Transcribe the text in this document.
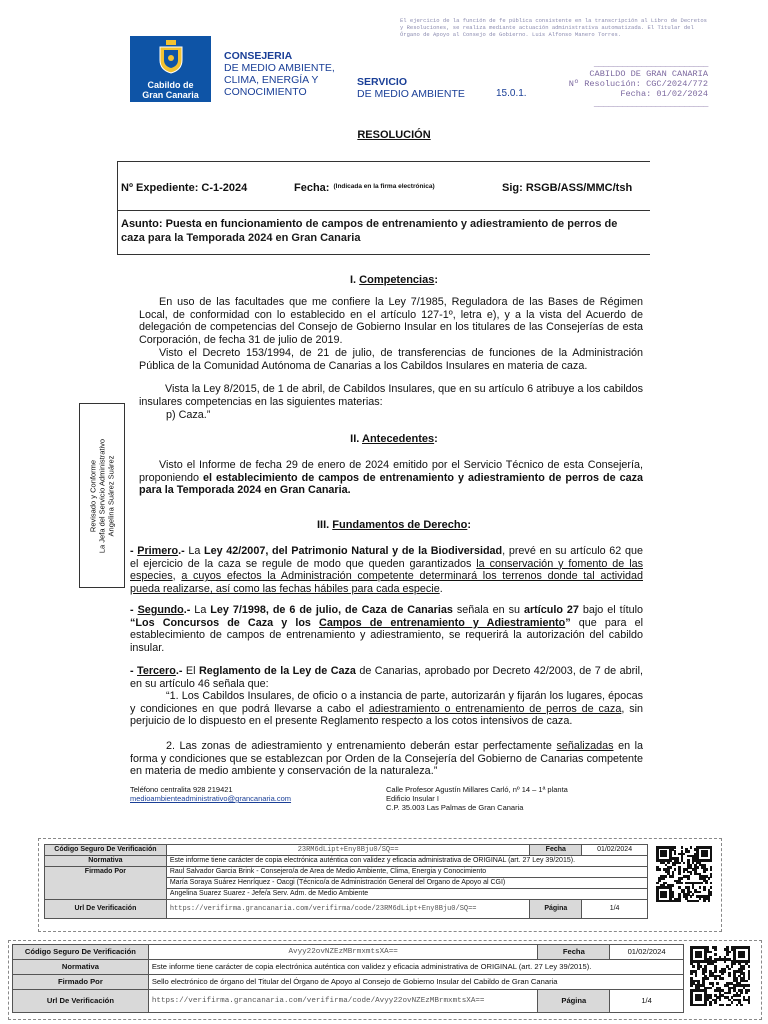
El ejercicio de la función de fe pública consistente en la transcripción al Libro de Decretos y Resoluciones, se realiza mediante actuación administrativa automatizada. El Titular del Órgano de Apoyo al Consejo de Gobierno. Luis Alfonso Manero Torres.
Cabildo de
Gran Canaria
CONSEJERIA
DE MEDIO AMBIENTE,
CLIMA, ENERGÍA Y
CONOCIMIENTO
SERVICIO
DE MEDIO AMBIENTE	15.0.1.
________________________
CABILDO DE GRAN CANARIA
Nº Resolución: CGC/2024/772
Fecha: 01/02/2024
________________________
RESOLUCIÓN
Nº Expediente: C-1-2024	Fecha: $^{(Indicada en la firma electrónica)}$	Sig: RSGB/ASS/MMC/tsh
Asunto: Puesta en funcionamiento de campos de entrenamiento y adiestramiento de perros de caza para la Temporada 2024 en Gran Canaria
Revisado y Conforme La Jefa del Servicio Administrativo Angelina Suárez Suárez
I. Competencias:
En uso de las facultades que me confiere la Ley 7/1985, Reguladora de las Bases de Régimen Local, de conformidad con lo establecido en el artículo 127-1º, letra e), y a la vista del Acuerdo de delegación de competencias del Consejo de Gobierno Insular en los titulares de las Consejerías de esta Corporación, de fecha 31 de julio de 2019.
Visto el Decreto 153/1994, de 21 de julio, de transferencias de funciones de la Administración Pública de la Comunidad Autónoma de Canarias a los Cabildos Insulares en materia de caza.
Vista la Ley 8/2015, de 1 de abril, de Cabildos Insulares, que en su artículo 6 atribuye a los cabildos insulares competencias en las siguientes materias:
p) Caza.”
II. Antecedentes:
Visto el Informe de fecha 29 de enero de 2024 emitido por el Servicio Técnico de esta Consejería, proponiendo el establecimiento de campos de entrenamiento y adiestramiento de perros de caza para la Temporada 2024 en Gran Canaria.
III. Fundamentos de Derecho:
- Primero.- La Ley 42/2007, del Patrimonio Natural y de la Biodiversidad, prevé en su artículo 62 que el ejercicio de la caza se regule de modo que queden garantizados la conservación y fomento de las especies, a cuyos efectos la Administración competente determinará los terrenos donde tal actividad pueda realizarse, así como las fechas hábiles para cada especie.
- Segundo.- La Ley 7/1998, de 6 de julio, de Caza de Canarias señala en su artículo 27 bajo el título “Los Concursos de Caza y los Campos de entrenamiento y Adiestramiento” que para el establecimiento de campos de entrenamiento y adiestramiento, se requerirá la autorización del cabildo insular.
- Tercero.- El Reglamento de la Ley de Caza de Canarias, aprobado por Decreto 42/2003, de 7 de abril, en su artículo 46 señala que:
“1. Los Cabildos Insulares, de oficio o a instancia de parte, autorizarán y fijarán los lugares, épocas y condiciones en que podrá llevarse a cabo el adiestramiento o entrenamiento de perros de caza, sin perjuicio de lo dispuesto en el presente Reglamento respecto a los cotos intensivos de caza.
2. Las zonas de adiestramiento y entrenamiento deberán estar perfectamente señalizadas en la forma y condiciones que se establezcan por Orden de la Consejería del Gobierno de Canarias competente en materia de medio ambiente y conservación de la naturaleza.”
Teléfono centralita 928 219421
medioambienteadministrativo@grancanaria.com
Calle Profesor Agustín Millares Carló, nº 14 – 1ª planta
Edificio Insular I
C.P. 35.003 Las Palmas de Gran Canaria
Código Seguro De Verificación	23RM6dLipt+Eny8Bju0/SQ==	Fecha	01/02/2024
Normativa	Este informe tiene carácter de copia electrónica auténtica con validez y eficacia administrativa de ORIGINAL (art. 27 Ley 39/2015).		
Firmado Por	Raul Salvador Garcia Brink - Consejero/a de Area de Medio Ambiente, Clima, Energia y Conocimiento		
	María Soraya Suárez Henríquez - Oacgi (Técnico/a de Administración General del Organo de Apoyo al CGI)		
	Angelina Suarez Suarez - Jefe/a Serv. Adm. de Medio Ambiente		
Url De Verificación	https://verifirma.grancanaria.com/verifirma/code/23RM6dLipt+Eny8Bju0/SQ==	Página	1/4
Código Seguro De Verificación	Avyy22ovNZEzMBrmxmtsXA==	Fecha	01/02/2024
Normativa	Este informe tiene carácter de copia electrónica auténtica con validez y eficacia administrativa de ORIGINAL (art. 27 Ley 39/2015).		
Firmado Por	Sello electrónico de órgano del Titular del Órgano de Apoyo al Consejo de Gobierno Insular del Cabildo de Gran Canaria		
Url De Verificación	https://verifirma.grancanaria.com/verifirma/code/Avyy22ovNZEzMBrmxmtsXA==	Página	1/4
